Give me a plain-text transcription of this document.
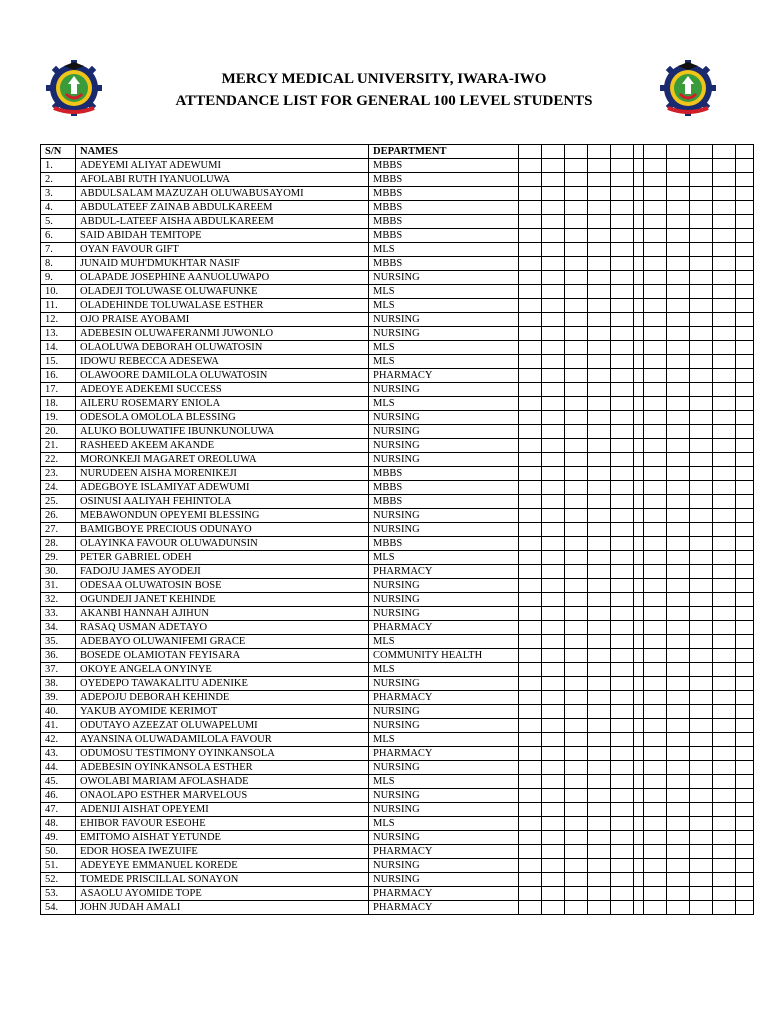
MERCY MEDICAL UNIVERSITY, IWARA-IWO
ATTENDANCE LIST FOR GENERAL 100 LEVEL STUDENTS
S/N	NAMES	DEPARTMENT											
1.	ADEYEMI ALIYAT ADEWUMI	MBBS											
2.	AFOLABI RUTH IYANUOLUWA	MBBS											
3.	ABDULSALAM MAZUZAH OLUWABUSAYOMI	MBBS											
4.	ABDULATEEF ZAINAB ABDULKAREEM	MBBS											
5.	ABDUL-LATEEF AISHA ABDULKAREEM	MBBS											
6.	SAID ABIDAH TEMITOPE	MBBS											
7.	OYAN FAVOUR GIFT	MLS											
8.	JUNAID MUH'DMUKHTAR NASIF	MBBS											
9.	OLAPADE JOSEPHINE AANUOLUWAPO	NURSING											
10.	OLADEJI TOLUWASE OLUWAFUNKE	MLS											
11.	OLADEHINDE TOLUWALASE ESTHER	MLS											
12.	OJO PRAISE AYOBAMI	NURSING											
13.	ADEBESIN OLUWAFERANMI JUWONLO	NURSING											
14.	OLAOLUWA DEBORAH OLUWATOSIN	MLS											
15.	IDOWU REBECCA ADESEWA	MLS											
16.	OLAWOORE DAMILOLA OLUWATOSIN	PHARMACY											
17.	ADEOYE ADEKEMI SUCCESS	NURSING											
18.	AILERU ROSEMARY ENIOLA	MLS											
19.	ODESOLA OMOLOLA BLESSING	NURSING											
20.	ALUKO BOLUWATIFE IBUNKUNOLUWA	NURSING											
21.	RASHEED AKEEM AKANDE	NURSING											
22.	MORONKEJI MAGARET OREOLUWA	NURSING											
23.	NURUDEEN AISHA MORENIKEJI	MBBS											
24.	ADEGBOYE ISLAMIYAT ADEWUMI	MBBS											
25.	OSINUSI AALIYAH FEHINTOLA	MBBS											
26.	MEBAWONDUN OPEYEMI BLESSING	NURSING											
27.	BAMIGBOYE PRECIOUS ODUNAYO	NURSING											
28.	OLAYINKA FAVOUR OLUWADUNSIN	MBBS											
29.	PETER GABRIEL ODEH	MLS											
30.	FADOJU JAMES AYODEJI	PHARMACY											
31.	ODESAA OLUWATOSIN BOSE	NURSING											
32.	OGUNDEJI JANET KEHINDE	NURSING											
33.	AKANBI HANNAH AJIHUN	NURSING											
34.	RASAQ USMAN ADETAYO	PHARMACY											
35.	ADEBAYO OLUWANIFEMI GRACE	MLS											
36.	BOSEDE OLAMIOTAN FEYISARA	COMMUNITY HEALTH											
37.	OKOYE ANGELA ONYINYE	MLS											
38.	OYEDEPO TAWAKALITU ADENIKE	NURSING											
39.	ADEPOJU DEBORAH KEHINDE	PHARMACY											
40.	YAKUB AYOMIDE KERIMOT	NURSING											
41.	ODUTAYO AZEEZAT OLUWAPELUMI	NURSING											
42.	AYANSINA OLUWADAMILOLA FAVOUR	MLS											
43.	ODUMOSU TESTIMONY OYINKANSOLA	PHARMACY											
44.	ADEBESIN OYINKANSOLA ESTHER	NURSING											
45.	OWOLABI MARIAM AFOLASHADE	MLS											
46.	ONAOLAPO ESTHER MARVELOUS	NURSING											
47.	ADENIJI AISHAT OPEYEMI	NURSING											
48.	EHIBOR FAVOUR ESEOHE	MLS											
49.	EMITOMO AISHAT YETUNDE	NURSING											
50.	EDOR HOSEA IWEZUIFE	PHARMACY											
51.	ADEYEYE EMMANUEL KOREDE	NURSING											
52.	TOMEDE PRISCILLAL SONAYON	NURSING											
53.	ASAOLU AYOMIDE TOPE	PHARMACY											
54.	JOHN JUDAH AMALI	PHARMACY											
